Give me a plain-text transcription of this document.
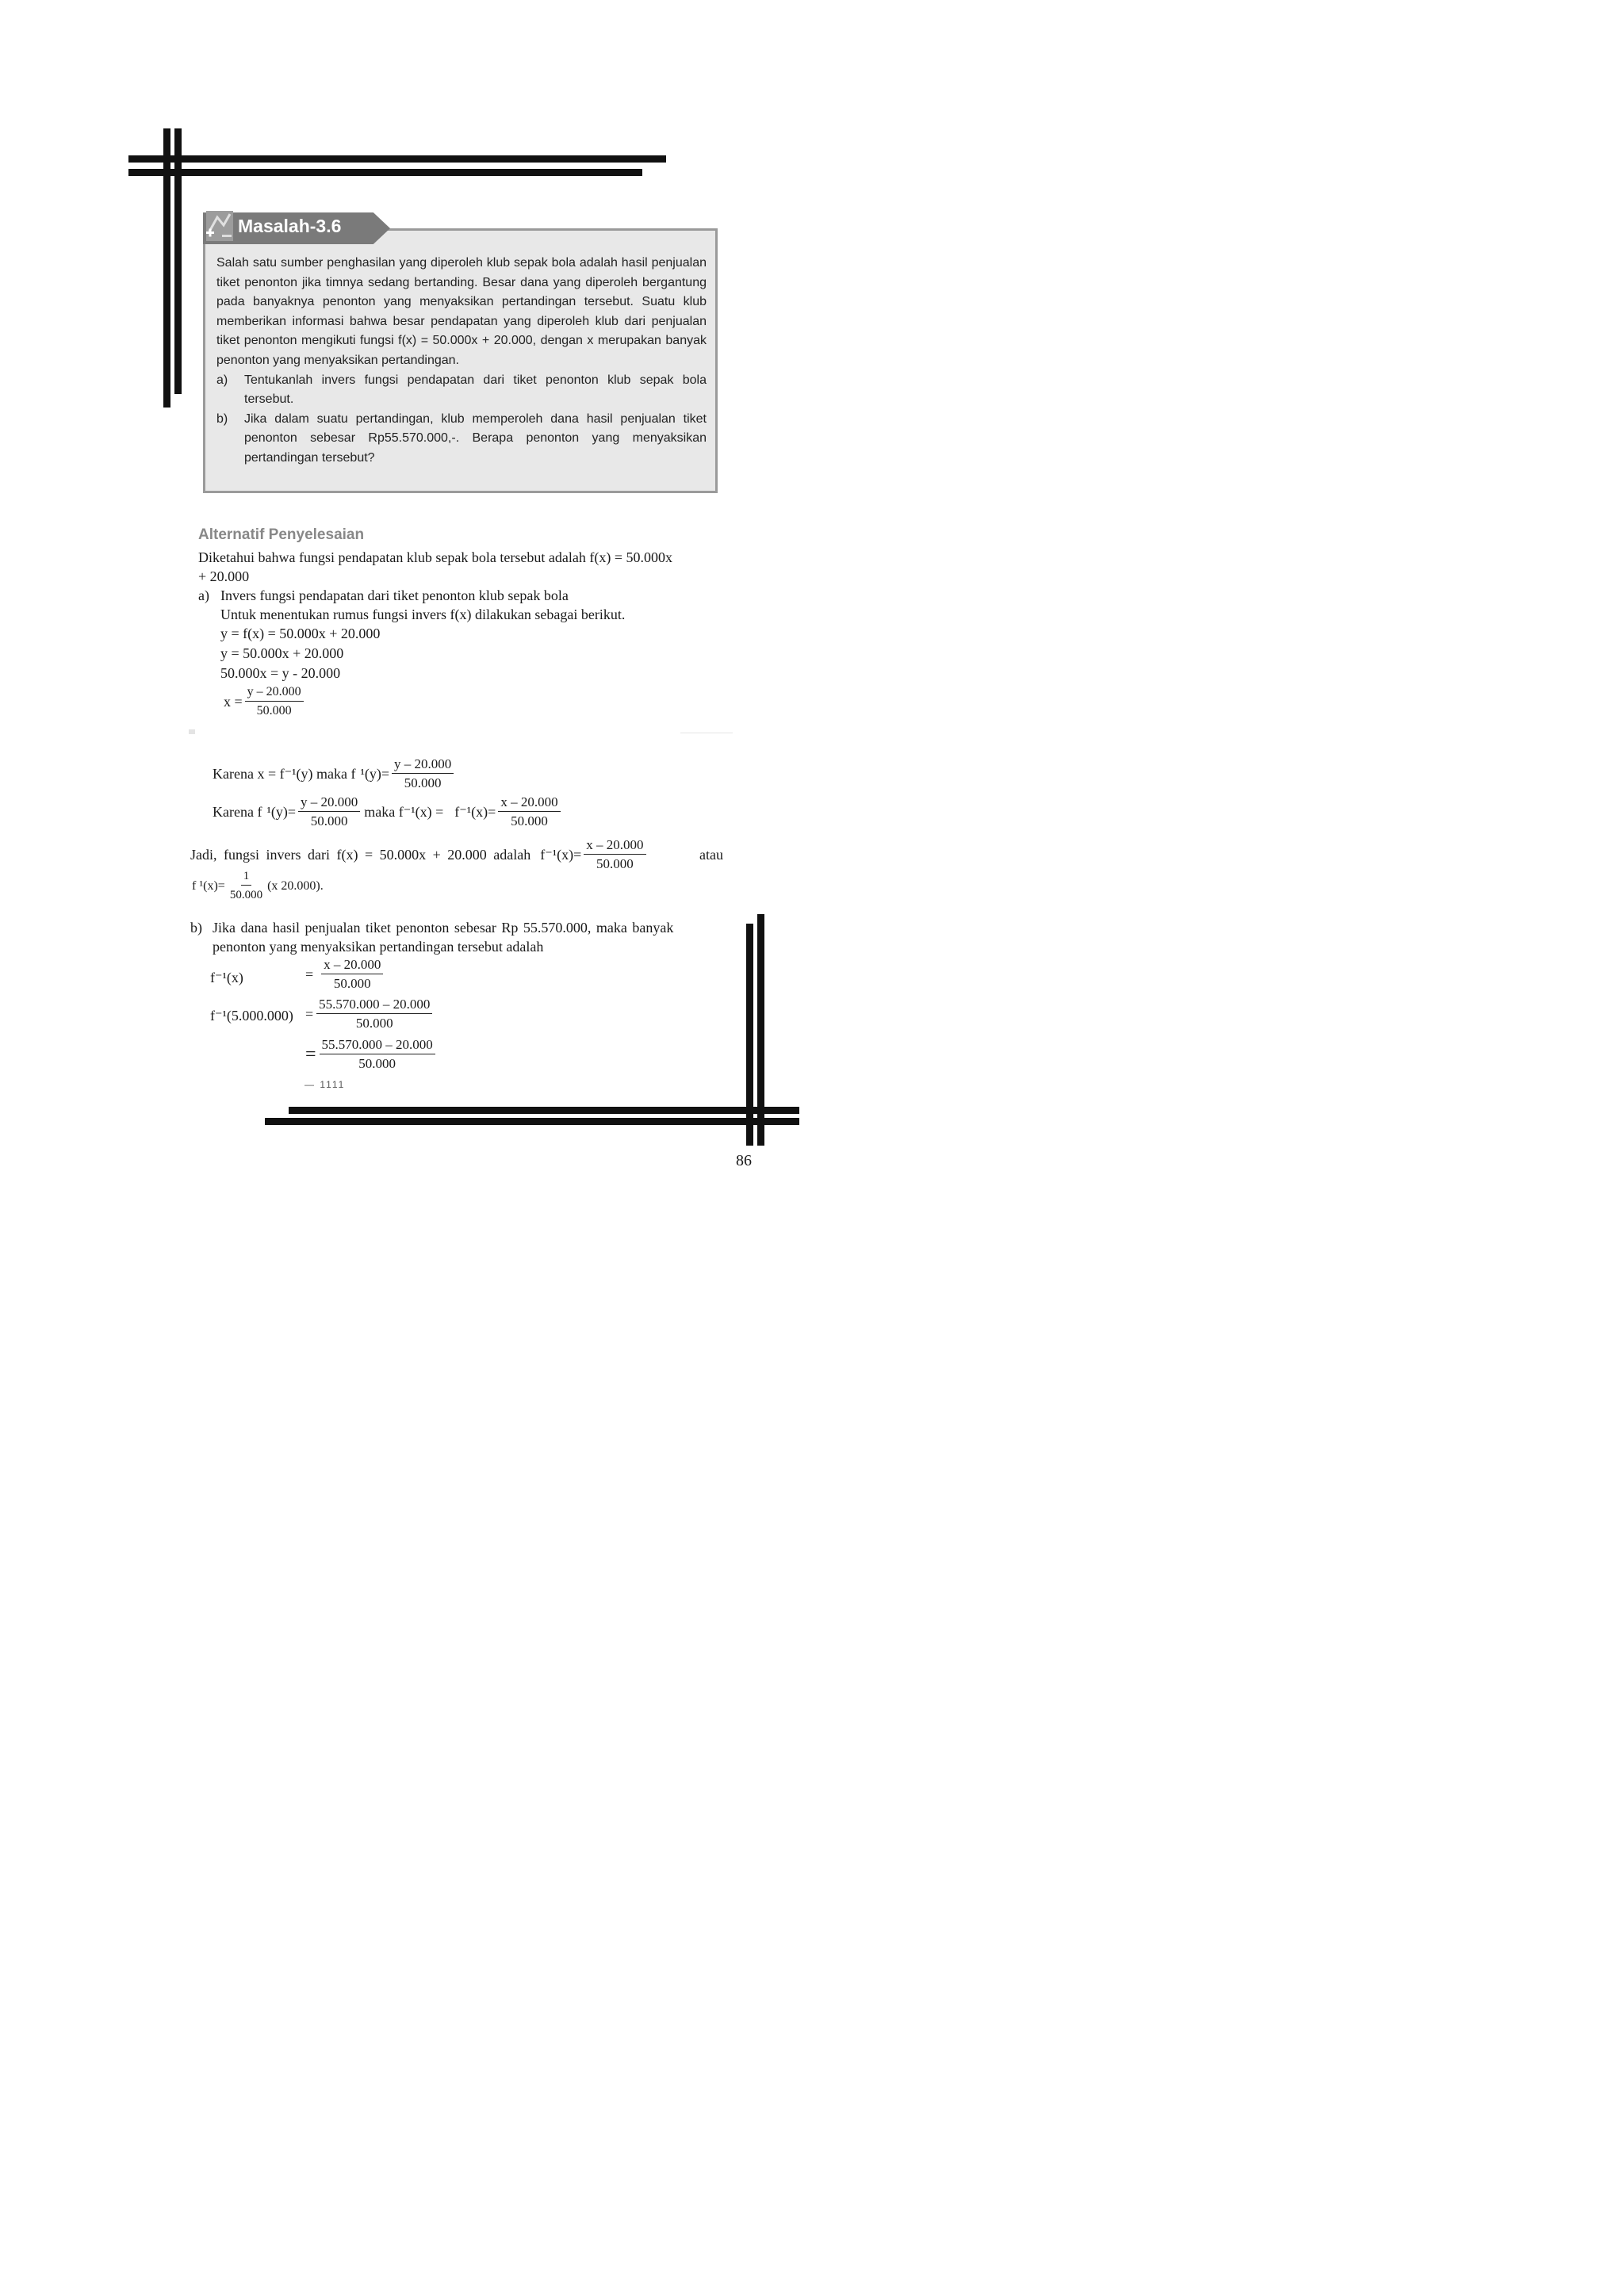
Masalah-3.6

Salah satu sumber penghasilan yang diperoleh klub sepak bola adalah hasil penjualan tiket penonton jika timnya sedang bertanding. Besar dana yang diperoleh bergantung pada banyaknya penonton yang menyaksikan pertandingan tersebut. Suatu klub memberikan informasi bahwa besar pendapatan yang diperoleh klub dari penjualan tiket penonton mengikuti fungsi f(x) = 50.000x + 20.000, dengan x merupakan banyak penonton yang menyaksikan pertandingan.

a)	Tentukanlah invers fungsi pendapatan dari tiket penonton klub sepak bola tersebut.
b)	Jika dalam suatu pertandingan, klub memperoleh dana hasil penjualan tiket penonton sebesar Rp55.570.000,-. Berapa penonton yang menyaksikan pertandingan tersebut?
Alternatif Penyelesaian
Diketahui bahwa fungsi pendapatan klub sepak bola tersebut adalah f(x) = 50.000x
+ 20.000
a) Invers fungsi pendapatan dari tiket penonton klub sepak bola
Untuk menentukan rumus fungsi invers f(x) dilakukan sebagai berikut.
y = f(x) = 50.000x + 20.000
y = 50.000x + 20.000
50.000x = y - 20.000
$x = \frac{y - 20.000}{50.000}$
Karena x = f⁻¹(y) maka f $^1(y)= \frac{y - 20.000}{50.000}$
Karena f $^1(y)= \frac{y - 20.000}{50.000}$ maka $f^{-1}(x) = f^{-1}(x)= \frac{x - 20.000}{50.000}$
Jadi, fungsi invers dari f(x) = 50.000x + 20.000 adalah $f^{-1}(x)= \frac{x - 20.000}{50.000}$	atau
f $^1(x)= \frac{1}{50.000} (x$ 20.000).
b) Jika dana hasil penjualan tiket penonton sebesar Rp 55.570.000, maka banyak
penonton yang menyaksikan pertandingan tersebut adalah
f⁻¹(x)	= $\frac{x - 20.000}{50.000}$
$f^{-1}(5.000.000) = \frac{55.570.000 - 20.000}{50.000}$
= $\frac{55.570.000 - 20.000}{50.000}$
— 1111
86
